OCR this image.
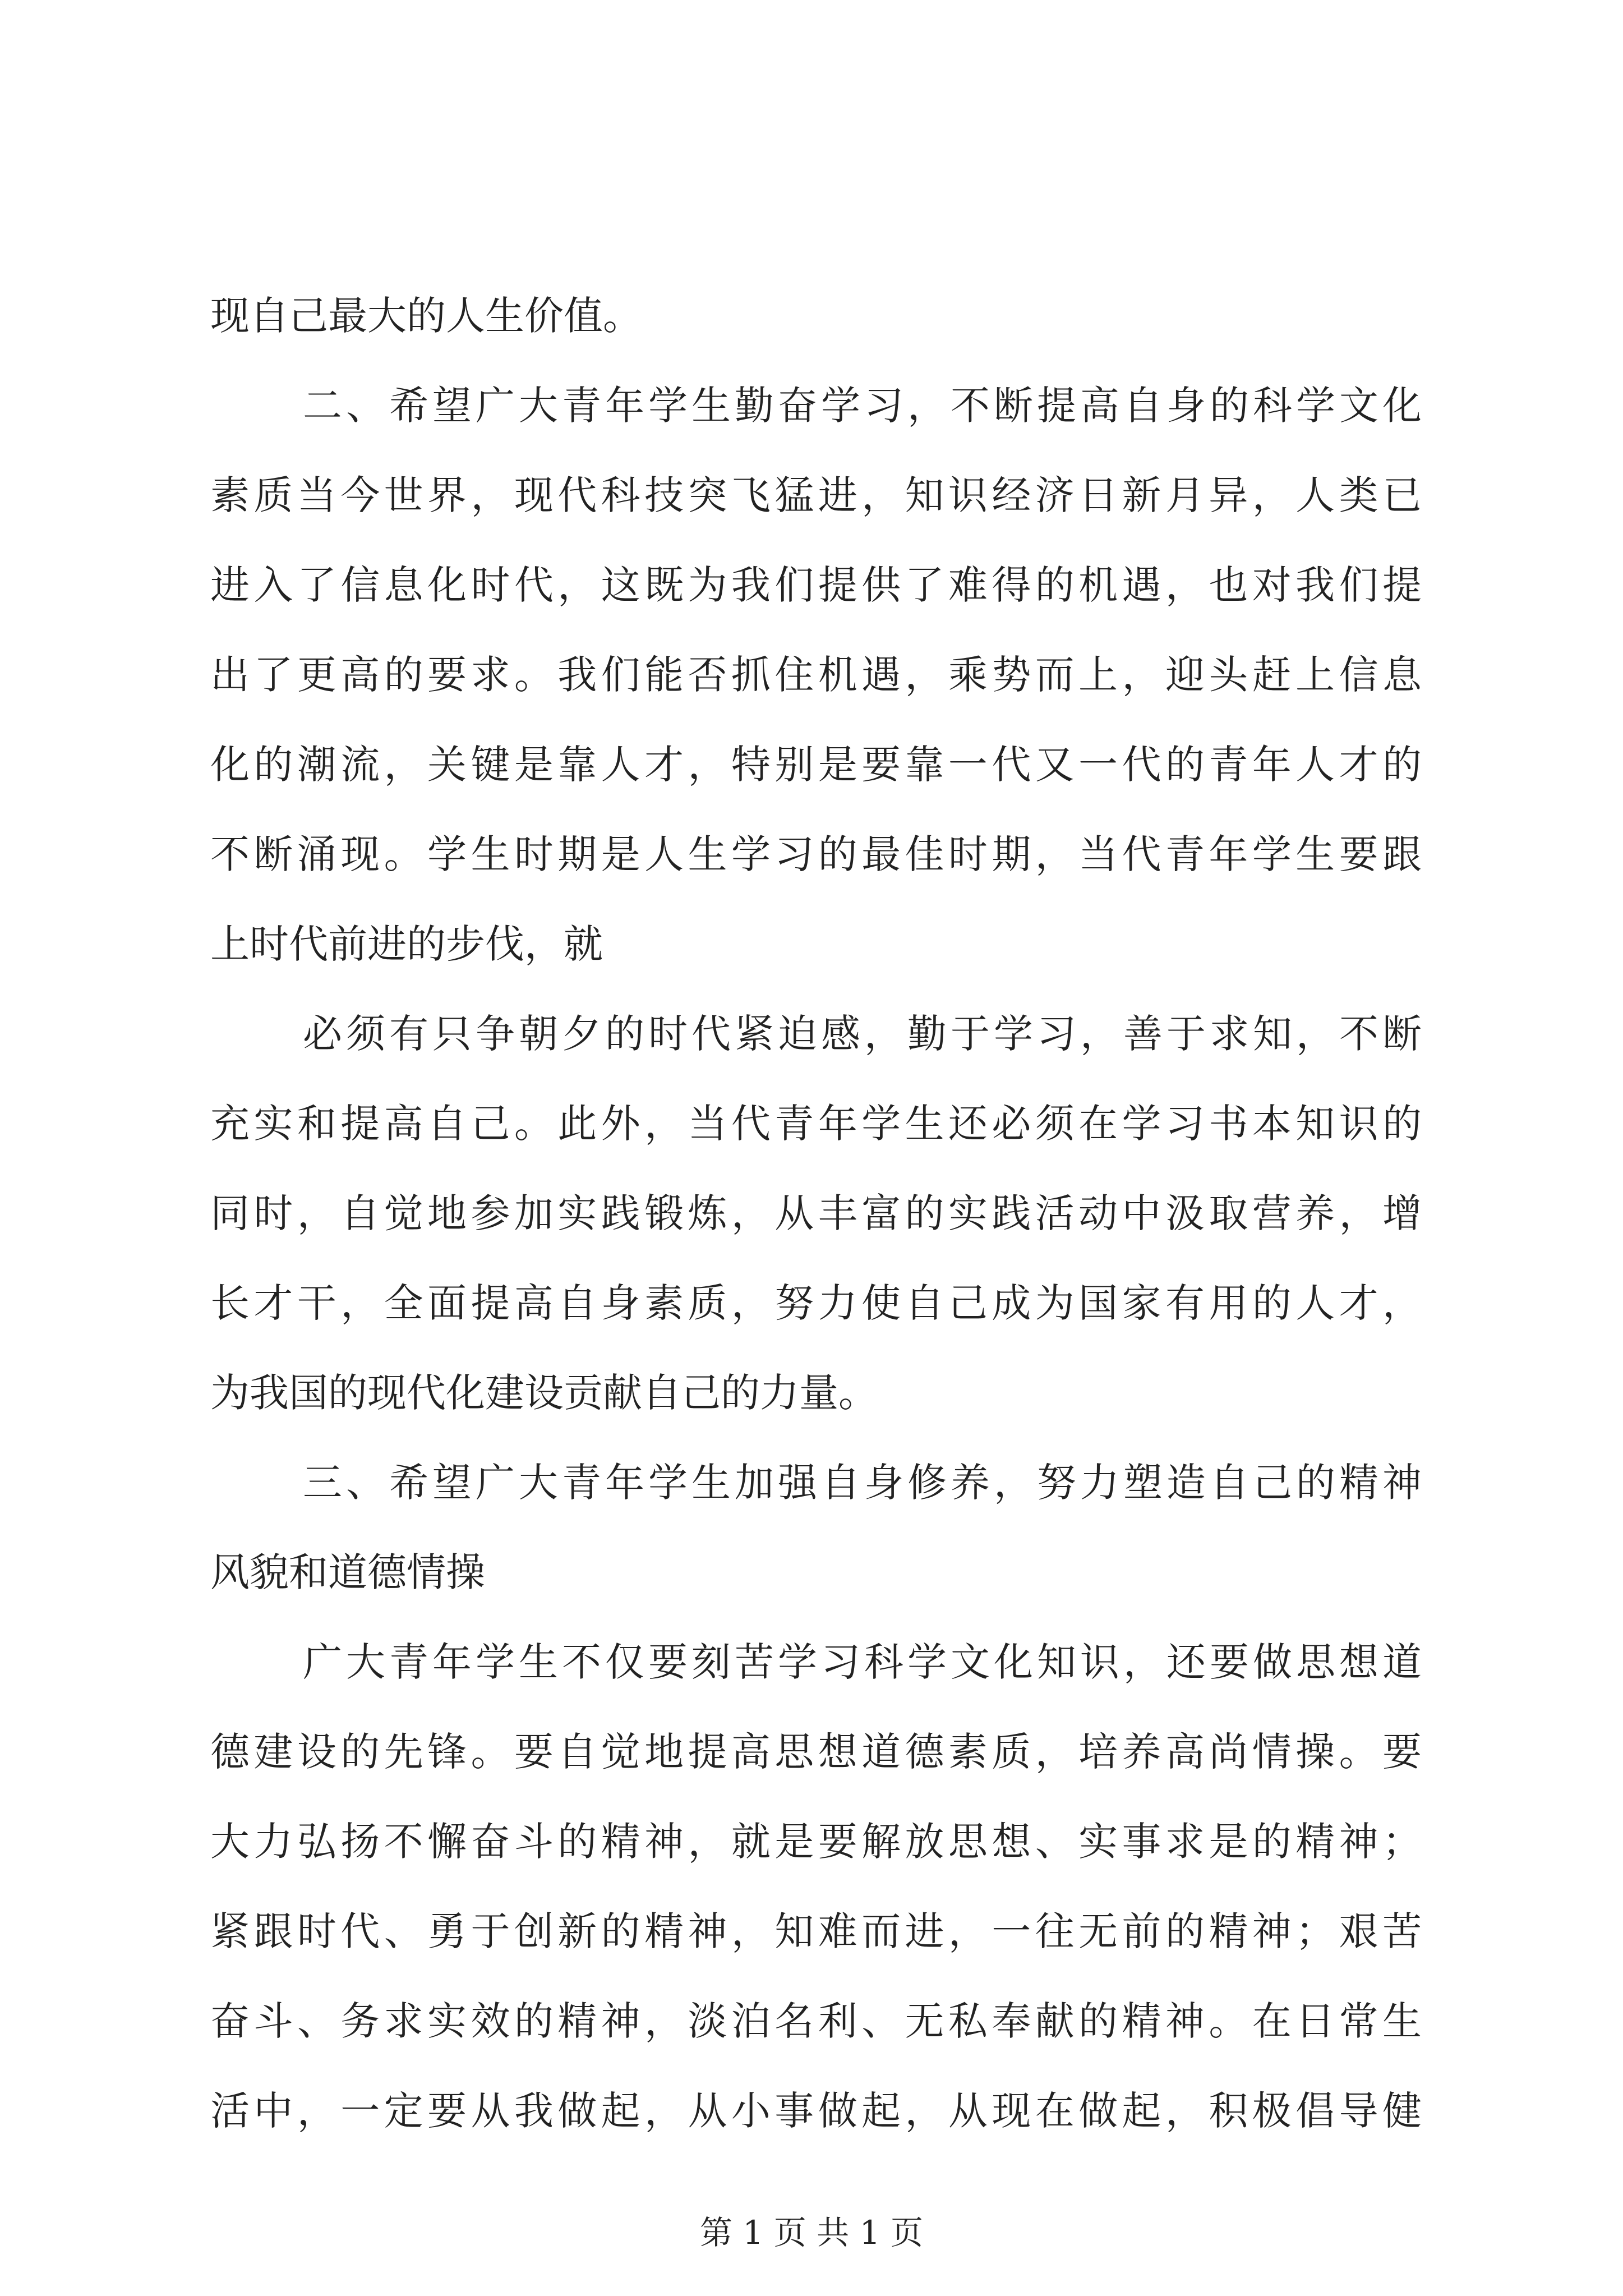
现自己最大的人生价值。
二、希望广大青年学生勤奋学习，不断提高自身的科学文化
素质当今世界，现代科技突飞猛进，知识经济日新月异，人类已
进入了信息化时代，这既为我们提供了难得的机遇，也对我们提
出了更高的要求。我们能否抓住机遇，乘势而上，迎头赶上信息
化的潮流，关键是靠人才，特别是要靠一代又一代的青年人才的
不断涌现。学生时期是人生学习的最佳时期，当代青年学生要跟
上时代前进的步伐，就
必须有只争朝夕的时代紧迫感，勤于学习，善于求知，不断
充实和提高自己。此外，当代青年学生还必须在学习书本知识的
同时，自觉地参加实践锻炼，从丰富的实践活动中汲取营养，增
长才干，全面提高自身素质，努力使自己成为国家有用的人才，
为我国的现代化建设贡献自己的力量。
三、希望广大青年学生加强自身修养，努力塑造自己的精神
风貌和道德情操
广大青年学生不仅要刻苦学习科学文化知识，还要做思想道
德建设的先锋。要自觉地提高思想道德素质，培养高尚情操。要
大力弘扬不懈奋斗的精神，就是要解放思想、实事求是的精神；
紧跟时代、勇于创新的精神，知难而进，一往无前的精神；艰苦
奋斗、务求实效的精神，淡泊名利、无私奉献的精神。在日常生
活中，一定要从我做起，从小事做起，从现在做起，积极倡导健
第 1 页 共 1 页
